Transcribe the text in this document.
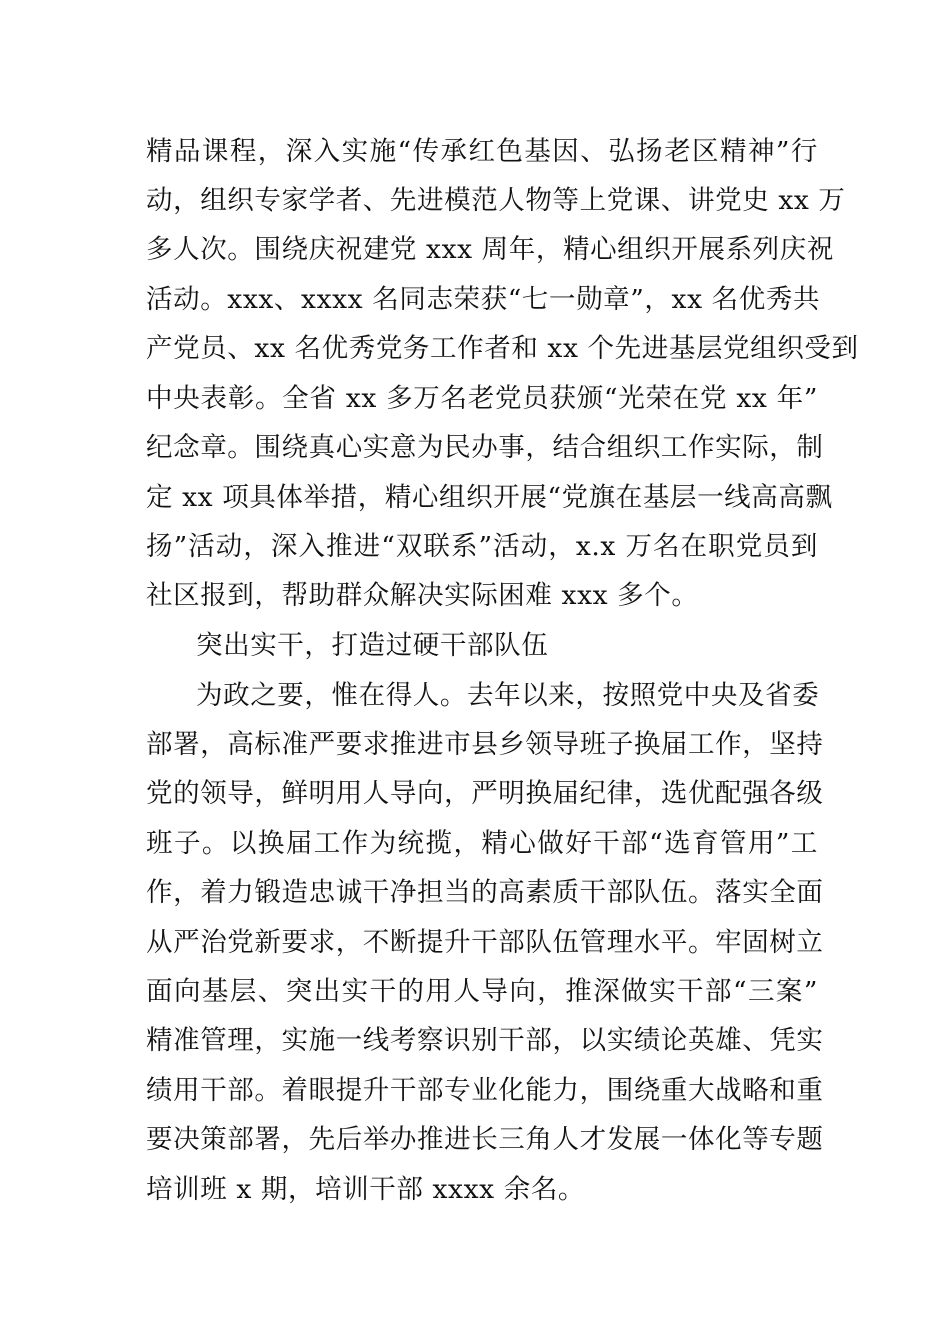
精品课程，深入实施“传承红色基因、弘扬老区精神”行
动，组织专家学者、先进模范人物等上党课、讲党史 xx 万
多人次。围绕庆祝建党 xxx 周年，精心组织开展系列庆祝
活动。xxx、xxxx 名同志荣获“七一勋章”，xx 名优秀共
产党员、xx 名优秀党务工作者和 xx 个先进基层党组织受到
中央表彰。全省 xx 多万名老党员获颁“光荣在党 xx 年”
纪念章。围绕真心实意为民办事，结合组织工作实际，制
定 xx 项具体举措，精心组织开展“党旗在基层一线高高飘
扬”活动，深入推进“双联系”活动，x.x 万名在职党员到
社区报到，帮助群众解决实际困难 xxx 多个。
突出实干，打造过硬干部队伍
为政之要，惟在得人。去年以来，按照党中央及省委
部署，高标准严要求推进市县乡领导班子换届工作，坚持
党的领导，鲜明用人导向，严明换届纪律，选优配强各级
班子。以换届工作为统揽，精心做好干部“选育管用”工
作，着力锻造忠诚干净担当的高素质干部队伍。落实全面
从严治党新要求，不断提升干部队伍管理水平。牢固树立
面向基层、突出实干的用人导向，推深做实干部“三案”
精准管理，实施一线考察识别干部，以实绩论英雄、凭实
绩用干部。着眼提升干部专业化能力，围绕重大战略和重
要决策部署，先后举办推进长三角人才发展一体化等专题
培训班 x 期，培训干部 xxxx 余名。
